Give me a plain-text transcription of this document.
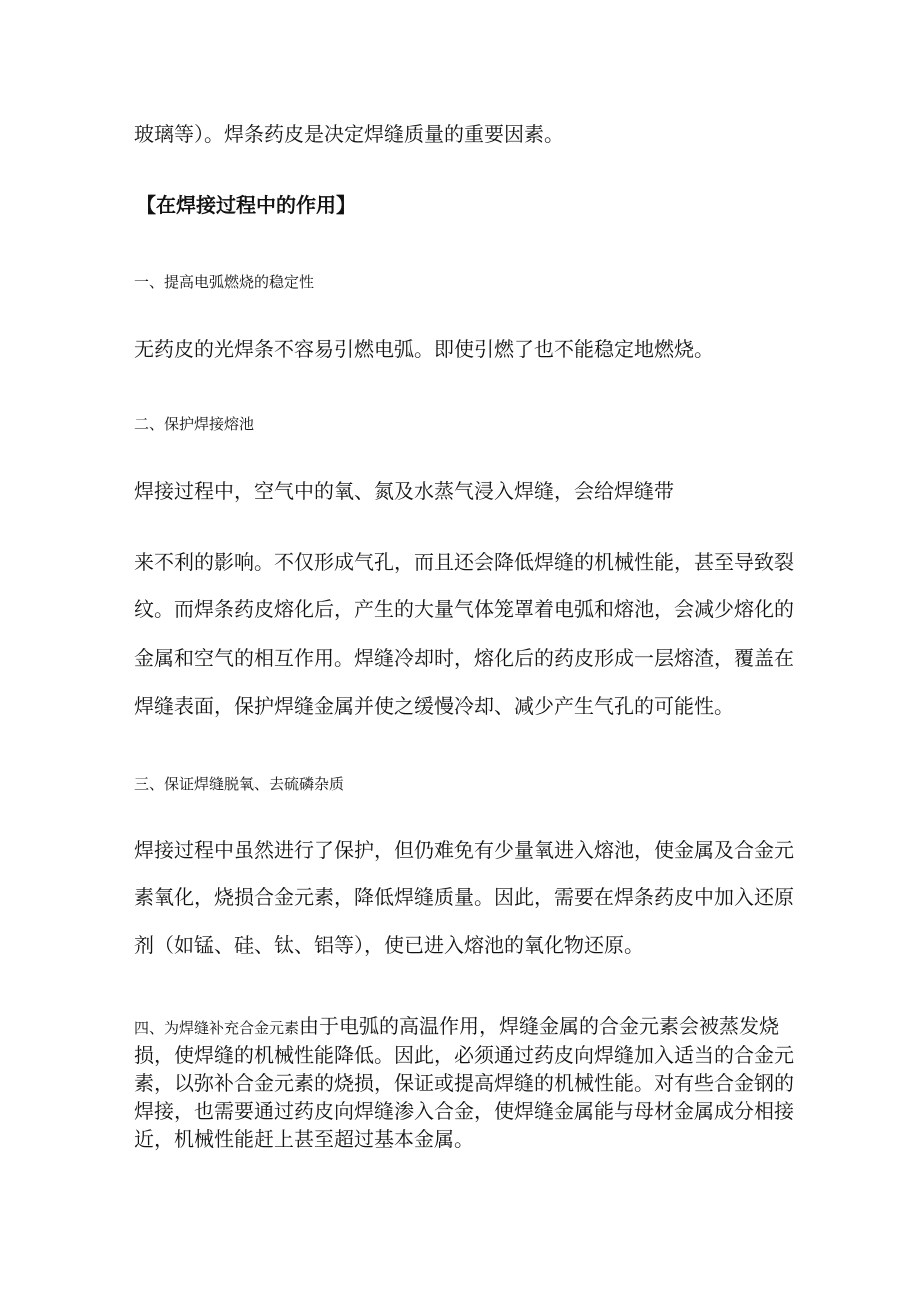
玻璃等）。焊条药皮是决定焊缝质量的重要因素。
【在焊接过程中的作用】
一、提高电弧燃烧的稳定性
无药皮的光焊条不容易引燃电弧。即使引燃了也不能稳定地燃烧。
二、保护焊接熔池
焊接过程中，空气中的氧、氮及水蒸气浸入焊缝，会给焊缝带
来不利的影响。不仅形成气孔，而且还会降低焊缝的机械性能，甚至导致裂
纹。而焊条药皮熔化后，产生的大量气体笼罩着电弧和熔池，会减少熔化的
金属和空气的相互作用。焊缝冷却时，熔化后的药皮形成一层熔渣，覆盖在
焊缝表面，保护焊缝金属并使之缓慢冷却、减少产生气孔的可能性。
三、保证焊缝脱氧、去硫磷杂质
焊接过程中虽然进行了保护，但仍难免有少量氧进入熔池，使金属及合金元
素氧化，烧损合金元素，降低焊缝质量。因此，需要在焊条药皮中加入还原
剂（如锰、硅、钛、铝等），使已进入熔池的氧化物还原。
四、为焊缝补充合金元素由于电弧的高温作用，焊缝金属的合金元素会被蒸发烧
损，使焊缝的机械性能降低。因此，必须通过药皮向焊缝加入适当的合金元
素，以弥补合金元素的烧损，保证或提高焊缝的机械性能。对有些合金钢的
焊接，也需要通过药皮向焊缝渗入合金，使焊缝金属能与母材金属成分相接
近，机械性能赶上甚至超过基本金属。
